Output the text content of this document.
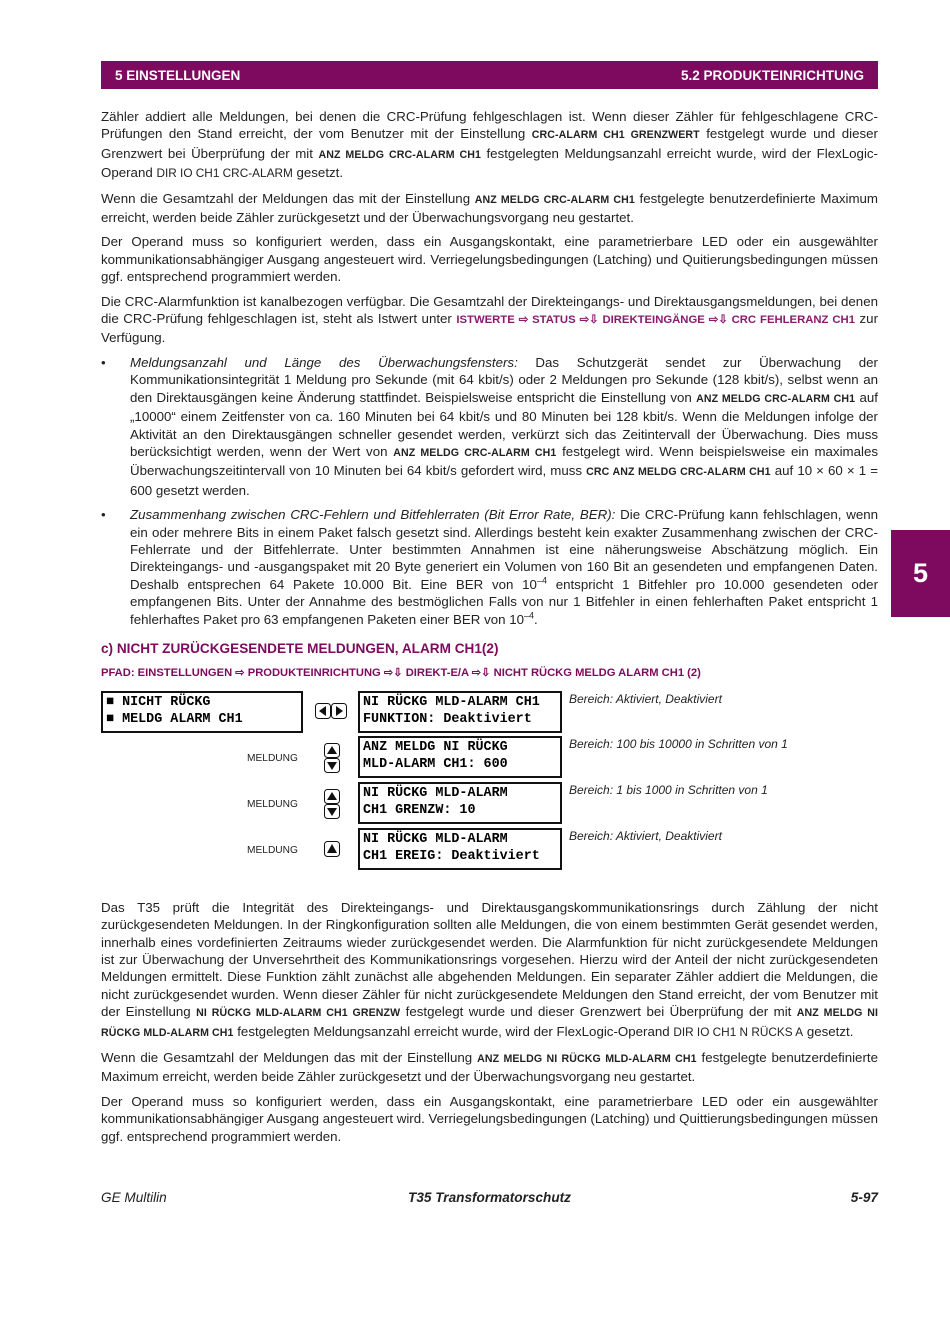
5 EINSTELLUNGEN	5.2 PRODUKTEINRICHTUNG
5

Zähler addiert alle Meldungen, bei denen die CRC-Prüfung fehlgeschlagen ist. Wenn dieser Zähler für fehlgeschlagene CRC-Prüfungen den Stand erreicht, der vom Benutzer mit der Einstellung CRC-ALARM CH1 GRENZWERT festgelegt wurde und dieser Grenzwert bei Überprüfung der mit ANZ MELDG CRC-ALARM CH1 festgelegten Meldungsanzahl erreicht wurde, wird der FlexLogic-Operand DIR IO CH1 CRC-ALARM gesetzt.

Wenn die Gesamtzahl der Meldungen das mit der Einstellung ANZ MELDG CRC-ALARM CH1 festgelegte benutzerdefinierte Maximum erreicht, werden beide Zähler zurückgesetzt und der Überwachungsvorgang neu gestartet.

Der Operand muss so konfiguriert werden, dass ein Ausgangskontakt, eine parametrierbare LED oder ein ausgewählter kommunikationsabhängiger Ausgang angesteuert wird. Verriegelungsbedingungen (Latching) und Quitierungsbedingungen müssen ggf. entsprechend programmiert werden.

Die CRC-Alarmfunktion ist kanalbezogen verfügbar. Die Gesamtzahl der Direkteingangs- und Direktausgangsmeldungen, bei denen die CRC-Prüfung fehlgeschlagen ist, steht als Istwert unter ISTWERTE ⇨ STATUS ⇨⇩ DIREKTEINGÄNGE ⇨⇩ CRC FEHLERANZ CH1 zur Verfügung.

• Meldungsanzahl und Länge des Überwachungsfensters: Das Schutzgerät sendet zur Überwachung der Kommunikationsintegrität 1 Meldung pro Sekunde (mit 64 kbit/s) oder 2 Meldungen pro Sekunde (128 kbit/s), selbst wenn an den Direktausgängen keine Änderung stattfindet. Beispielsweise entspricht die Einstellung von ANZ MELDG CRC-ALARM CH1 auf „10000“ einem Zeitfenster von ca. 160 Minuten bei 64 kbit/s und 80 Minuten bei 128 kbit/s. Wenn die Meldungen infolge der Aktivität an den Direktausgängen schneller gesendet werden, verkürzt sich das Zeitintervall der Überwachung. Dies muss berücksichtigt werden, wenn der Wert von ANZ MELDG CRC-ALARM CH1 festgelegt wird. Wenn beispielsweise ein maximales Überwachungszeitintervall von 10 Minuten bei 64 kbit/s gefordert wird, muss CRC ANZ MELDG CRC-ALARM CH1 auf 10 × 60 × 1 = 600 gesetzt werden.
• Zusammenhang zwischen CRC-Fehlern und Bitfehlerraten (Bit Error Rate, BER): Die CRC-Prüfung kann fehlschlagen, wenn ein oder mehrere Bits in einem Paket falsch gesetzt sind. Allerdings besteht kein exakter Zusammenhang zwischen der CRC-Fehlerrate und der Bitfehlerrate. Unter bestimmten Annahmen ist eine näherungsweise Abschätzung möglich. Ein Direkteingangs- und -ausgangspaket mit 20 Byte generiert ein Volumen von 160 Bit an gesendeten und empfangenen Daten. Deshalb entsprechen 64 Pakete 10.000 Bit. Eine BER von $10^{-4}$ entspricht 1 Bitfehler pro 10.000 gesendeten oder empfangenen Bits. Unter der Annahme des bestmöglichen Falls von nur 1 Bitfehler in einen fehlerhaften Paket entspricht 1 fehlerhaftes Paket pro 63 empfangenen Paketen einer BER von $10^{-4}$.
c) NICHT ZURÜCKGESENDETE MELDUNGEN, ALARM CH1(2)
PFAD: EINSTELLUNGEN ⇨ PRODUKTEINRICHTUNG ⇨⇩ DIREKT-E/A ⇨⇩ NICHT RÜCKG MELDG ALARM CH1 (2)
■ NICHT RÜCKG
■ MELDG ALARM CH1
NI RÜCKG MLD-ALARM CH1
FUNKTION: Deaktiviert
Bereich: Aktiviert, Deaktiviert
MELDUNG
ANZ MELDG NI RÜCKG
MLD-ALARM CH1: 600
Bereich: 100 bis 10000 in Schritten von 1
MELDUNG
NI RÜCKG MLD-ALARM
CH1 GRENZW: 10
Bereich: 1 bis 1000 in Schritten von 1
MELDUNG
NI RÜCKG MLD-ALARM
CH1 EREIG: Deaktiviert
Bereich: Aktiviert, Deaktiviert

Das T35 prüft die Integrität des Direkteingangs- und Direktausgangskommunikationsrings durch Zählung der nicht zurückgesendeten Meldungen. In der Ringkonfiguration sollten alle Meldungen, die von einem bestimmten Gerät gesendet werden, innerhalb eines vordefinierten Zeitraums wieder zurückgesendet werden. Die Alarmfunktion für nicht zurückgesendete Meldungen ist zur Überwachung der Unversehrtheit des Kommunikationsrings vorgesehen. Hierzu wird der Anteil der nicht zurückgesendeten Meldungen ermittelt. Diese Funktion zählt zunächst alle abgehenden Meldungen. Ein separater Zähler addiert die Meldungen, die nicht zurückgesendet wurden. Wenn dieser Zähler für nicht zurückgesendete Meldungen den Stand erreicht, der vom Benutzer mit der Einstellung NI RÜCKG MLD-ALARM CH1 GRENZW festgelegt wurde und dieser Grenzwert bei Überprüfung der mit ANZ MELDG NI RÜCKG MLD-ALARM CH1 festgelegten Meldungsanzahl erreicht wurde, wird der FlexLogic-Operand DIR IO CH1 N RÜCKS A gesetzt.

Wenn die Gesamtzahl der Meldungen das mit der Einstellung ANZ MELDG NI RÜCKG MLD-ALARM CH1 festgelegte benutzerdefinierte Maximum erreicht, werden beide Zähler zurückgesetzt und der Überwachungsvorgang neu gestartet.

Der Operand muss so konfiguriert werden, dass ein Ausgangskontakt, eine parametrierbare LED oder ein ausgewählter kommunikationsabhängiger Ausgang angesteuert wird. Verriegelungsbedingungen (Latching) und Quittierungsbedingungen müssen ggf. entsprechend programmiert werden.

GE Multilin	T35 Transformatorschutz	5-97
